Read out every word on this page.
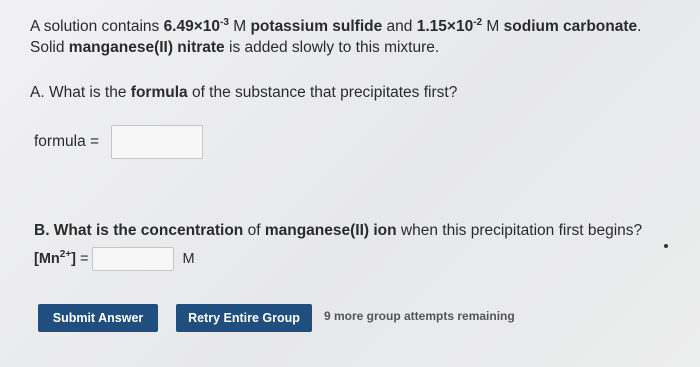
A solution contains $6.49\times 10^{-3}$ M potassium sulfide and $1.15\times 10^{-2}$ M sodium carbonate.
Solid manganese(II) nitrate is added slowly to this mixture.
A. What is the formula of the substance that precipitates first?
formula =
B. What is the concentration of manganese(II) ion when this precipitation first begins?
$[Mn^{2+}]$ =	M
Submit Answer	Retry Entire Group	9 more group attempts remaining
